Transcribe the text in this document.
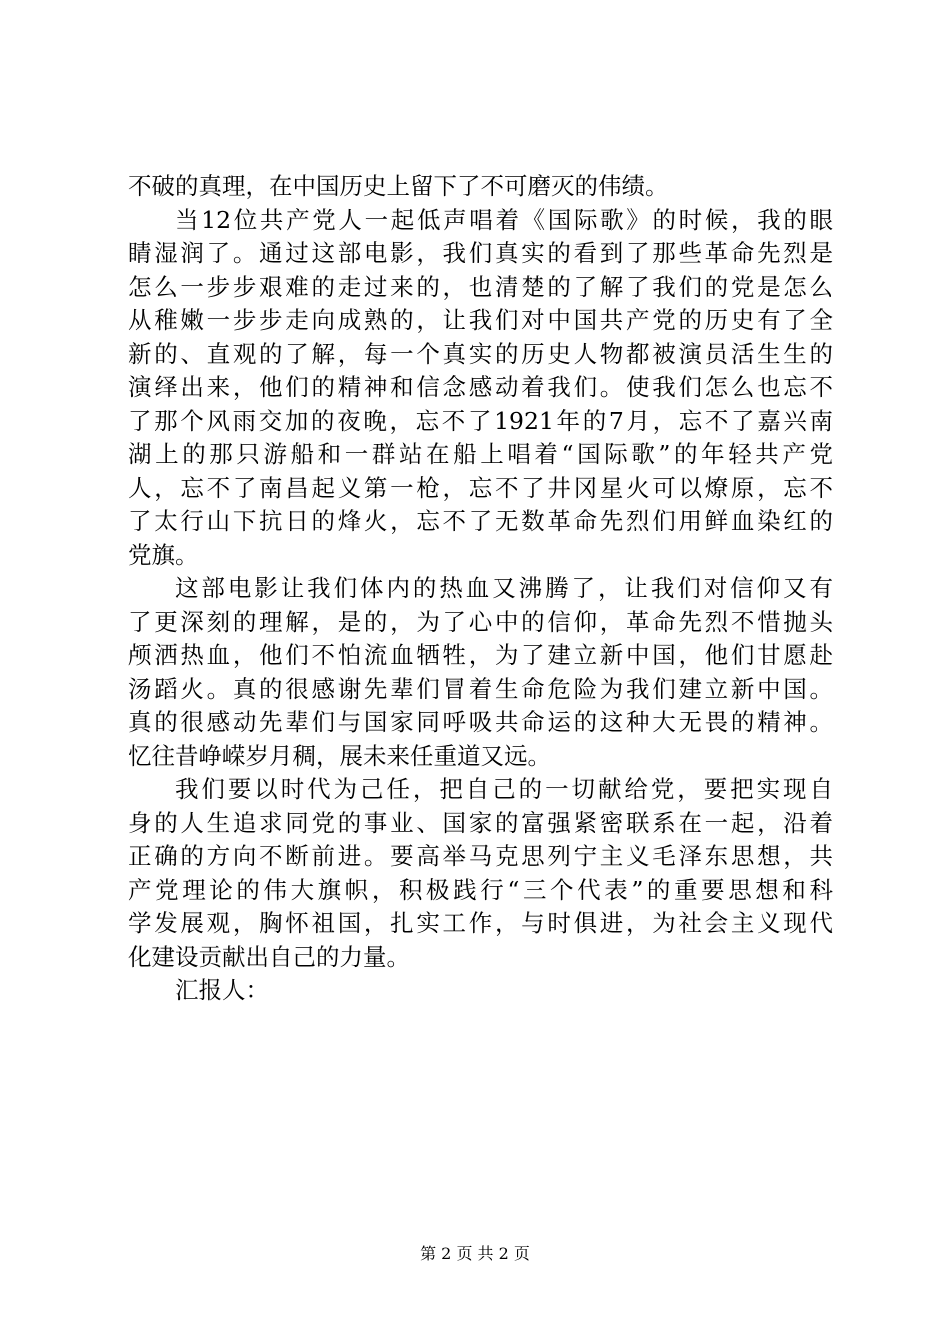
不破的真理，在中国历史上留下了不可磨灭的伟绩。
当12位共产党人一起低声唱着《国际歌》的时候，我的眼
睛湿润了。通过这部电影，我们真实的看到了那些革命先烈是
怎么一步步艰难的走过来的，也清楚的了解了我们的党是怎么
从稚嫩一步步走向成熟的，让我们对中国共产党的历史有了全
新的、直观的了解，每一个真实的历史人物都被演员活生生的
演绎出来，他们的精神和信念感动着我们。使我们怎么也忘不
了那个风雨交加的夜晚，忘不了1921年的7月，忘不了嘉兴南
湖上的那只游船和一群站在船上唱着“国际歌”的年轻共产党
人，忘不了南昌起义第一枪，忘不了井冈星火可以燎原，忘不
了太行山下抗日的烽火，忘不了无数革命先烈们用鲜血染红的
党旗。
这部电影让我们体内的热血又沸腾了，让我们对信仰又有
了更深刻的理解，是的，为了心中的信仰，革命先烈不惜抛头
颅洒热血，他们不怕流血牺牲，为了建立新中国，他们甘愿赴
汤蹈火。真的很感谢先辈们冒着生命危险为我们建立新中国。
真的很感动先辈们与国家同呼吸共命运的这种大无畏的精神。
忆往昔峥嵘岁月稠，展未来任重道又远。
我们要以时代为己任，把自己的一切献给党，要把实现自
身的人生追求同党的事业、国家的富强紧密联系在一起，沿着
正确的方向不断前进。要高举马克思列宁主义毛泽东思想，共
产党理论的伟大旗帜，积极践行“三个代表”的重要思想和科
学发展观，胸怀祖国，扎实工作，与时俱进，为社会主义现代
化建设贡献出自己的力量。
汇报人：
第 2 页 共 2 页
